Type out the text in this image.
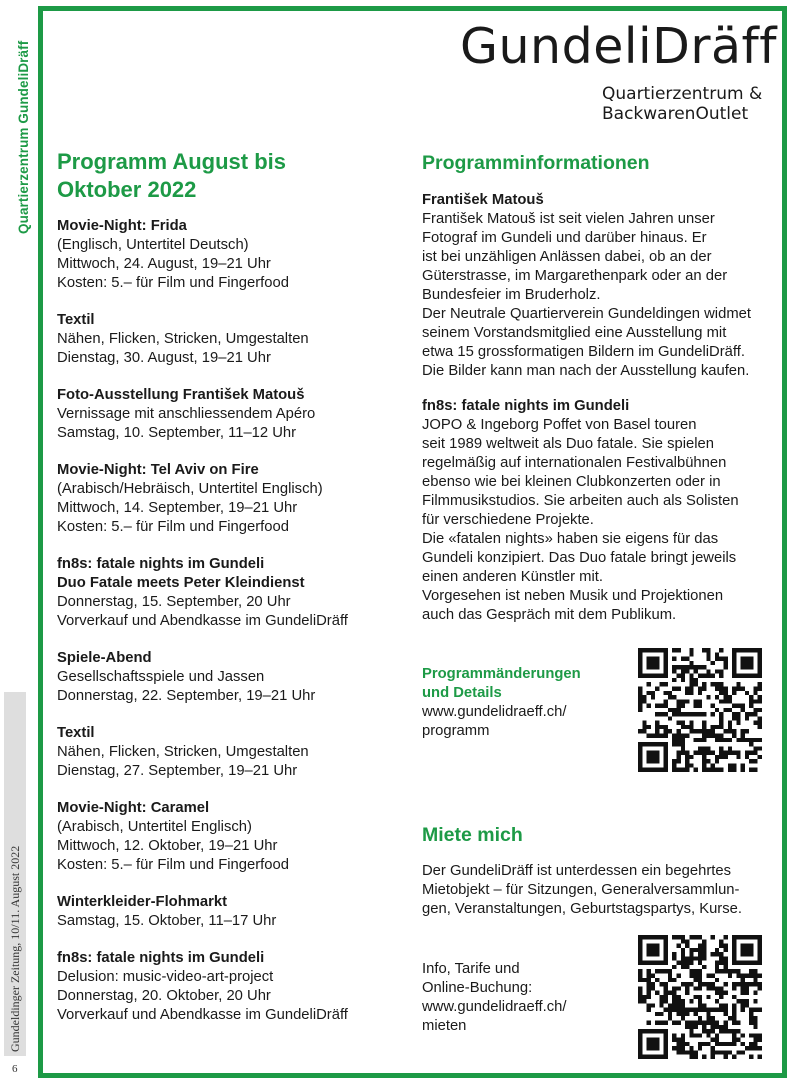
Quartierzentrum GundeliDräff
Gundeldinger Zeitung, 10/11. August 2022
6
GundeliDräff
Quartierzentrum &
BackwarenOutlet
Programm August bis
Oktober 2022
Movie-Night: Frida
(Englisch, Untertitel Deutsch)
Mittwoch, 24. August, 19–21 Uhr
Kosten: 5.– für Film und Fingerfood
Textil
Nähen, Flicken, Stricken, Umgestalten
Dienstag, 30. August, 19–21 Uhr
Foto-Ausstellung František Matouš
Vernissage mit anschliessendem Apéro
Samstag, 10. September, 11–12 Uhr
Movie-Night: Tel Aviv on Fire
(Arabisch/Hebräisch, Untertitel Englisch)
Mittwoch, 14. September, 19–21 Uhr
Kosten: 5.– für Film und Fingerfood
fn8s: fatale nights im Gundeli
Duo Fatale meets Peter Kleindienst
Donnerstag, 15. September, 20 Uhr
Vorverkauf und Abendkasse im GundeliDräff
Spiele-Abend
Gesellschaftsspiele und Jassen
Donnerstag, 22. September, 19–21 Uhr
Textil
Nähen, Flicken, Stricken, Umgestalten
Dienstag, 27. September, 19–21 Uhr
Movie-Night: Caramel
(Arabisch, Untertitel Englisch)
Mittwoch, 12. Oktober, 19–21 Uhr
Kosten: 5.– für Film und Fingerfood
Winterkleider-Flohmarkt
Samstag, 15. Oktober, 11–17 Uhr
fn8s: fatale nights im Gundeli
Delusion: music-video-art-project
Donnerstag, 20. Oktober, 20 Uhr
Vorverkauf und Abendkasse im GundeliDräff
Programminformationen
František Matouš
František Matouš ist seit vielen Jahren unser
Fotograf im Gundeli und darüber hinaus. Er
ist bei unzähligen Anlässen dabei, ob an der
Güterstrasse, im Margarethenpark oder an der
Bundesfeier im Bruderholz.
Der Neutrale Quartierverein Gundeldingen widmet
seinem Vorstandsmitglied eine Ausstellung mit
etwa 15 grossformatigen Bildern im GundeliDräff.
Die Bilder kann man nach der Ausstellung kaufen.
fn8s: fatale nights im Gundeli
JOPO & Ingeborg Poffet von Basel touren
seit 1989 weltweit als Duo fatale. Sie spielen
regelmäßig auf internationalen Festivalbühnen
ebenso wie bei kleinen Clubkonzerten oder in
Filmmusikstudios. Sie arbeiten auch als Solisten
für verschiedene Projekte.
Die «fatalen nights» haben sie eigens für das
Gundeli konzipiert. Das Duo fatale bringt jeweils
einen anderen Künstler mit.
Vorgesehen ist neben Musik und Projektionen
auch das Gespräch mit dem Publikum.
Programmänderungen
und Details
www.gundelidraeff.ch/
programm
Miete mich
Der GundeliDräff ist unterdessen ein begehrtes
Mietobjekt – für Sitzungen, Generalversammlun-
gen, Veranstaltungen, Geburtstagspartys, Kurse.
Info, Tarife und
Online-Buchung:
www.gundelidraeff.ch/
mieten
